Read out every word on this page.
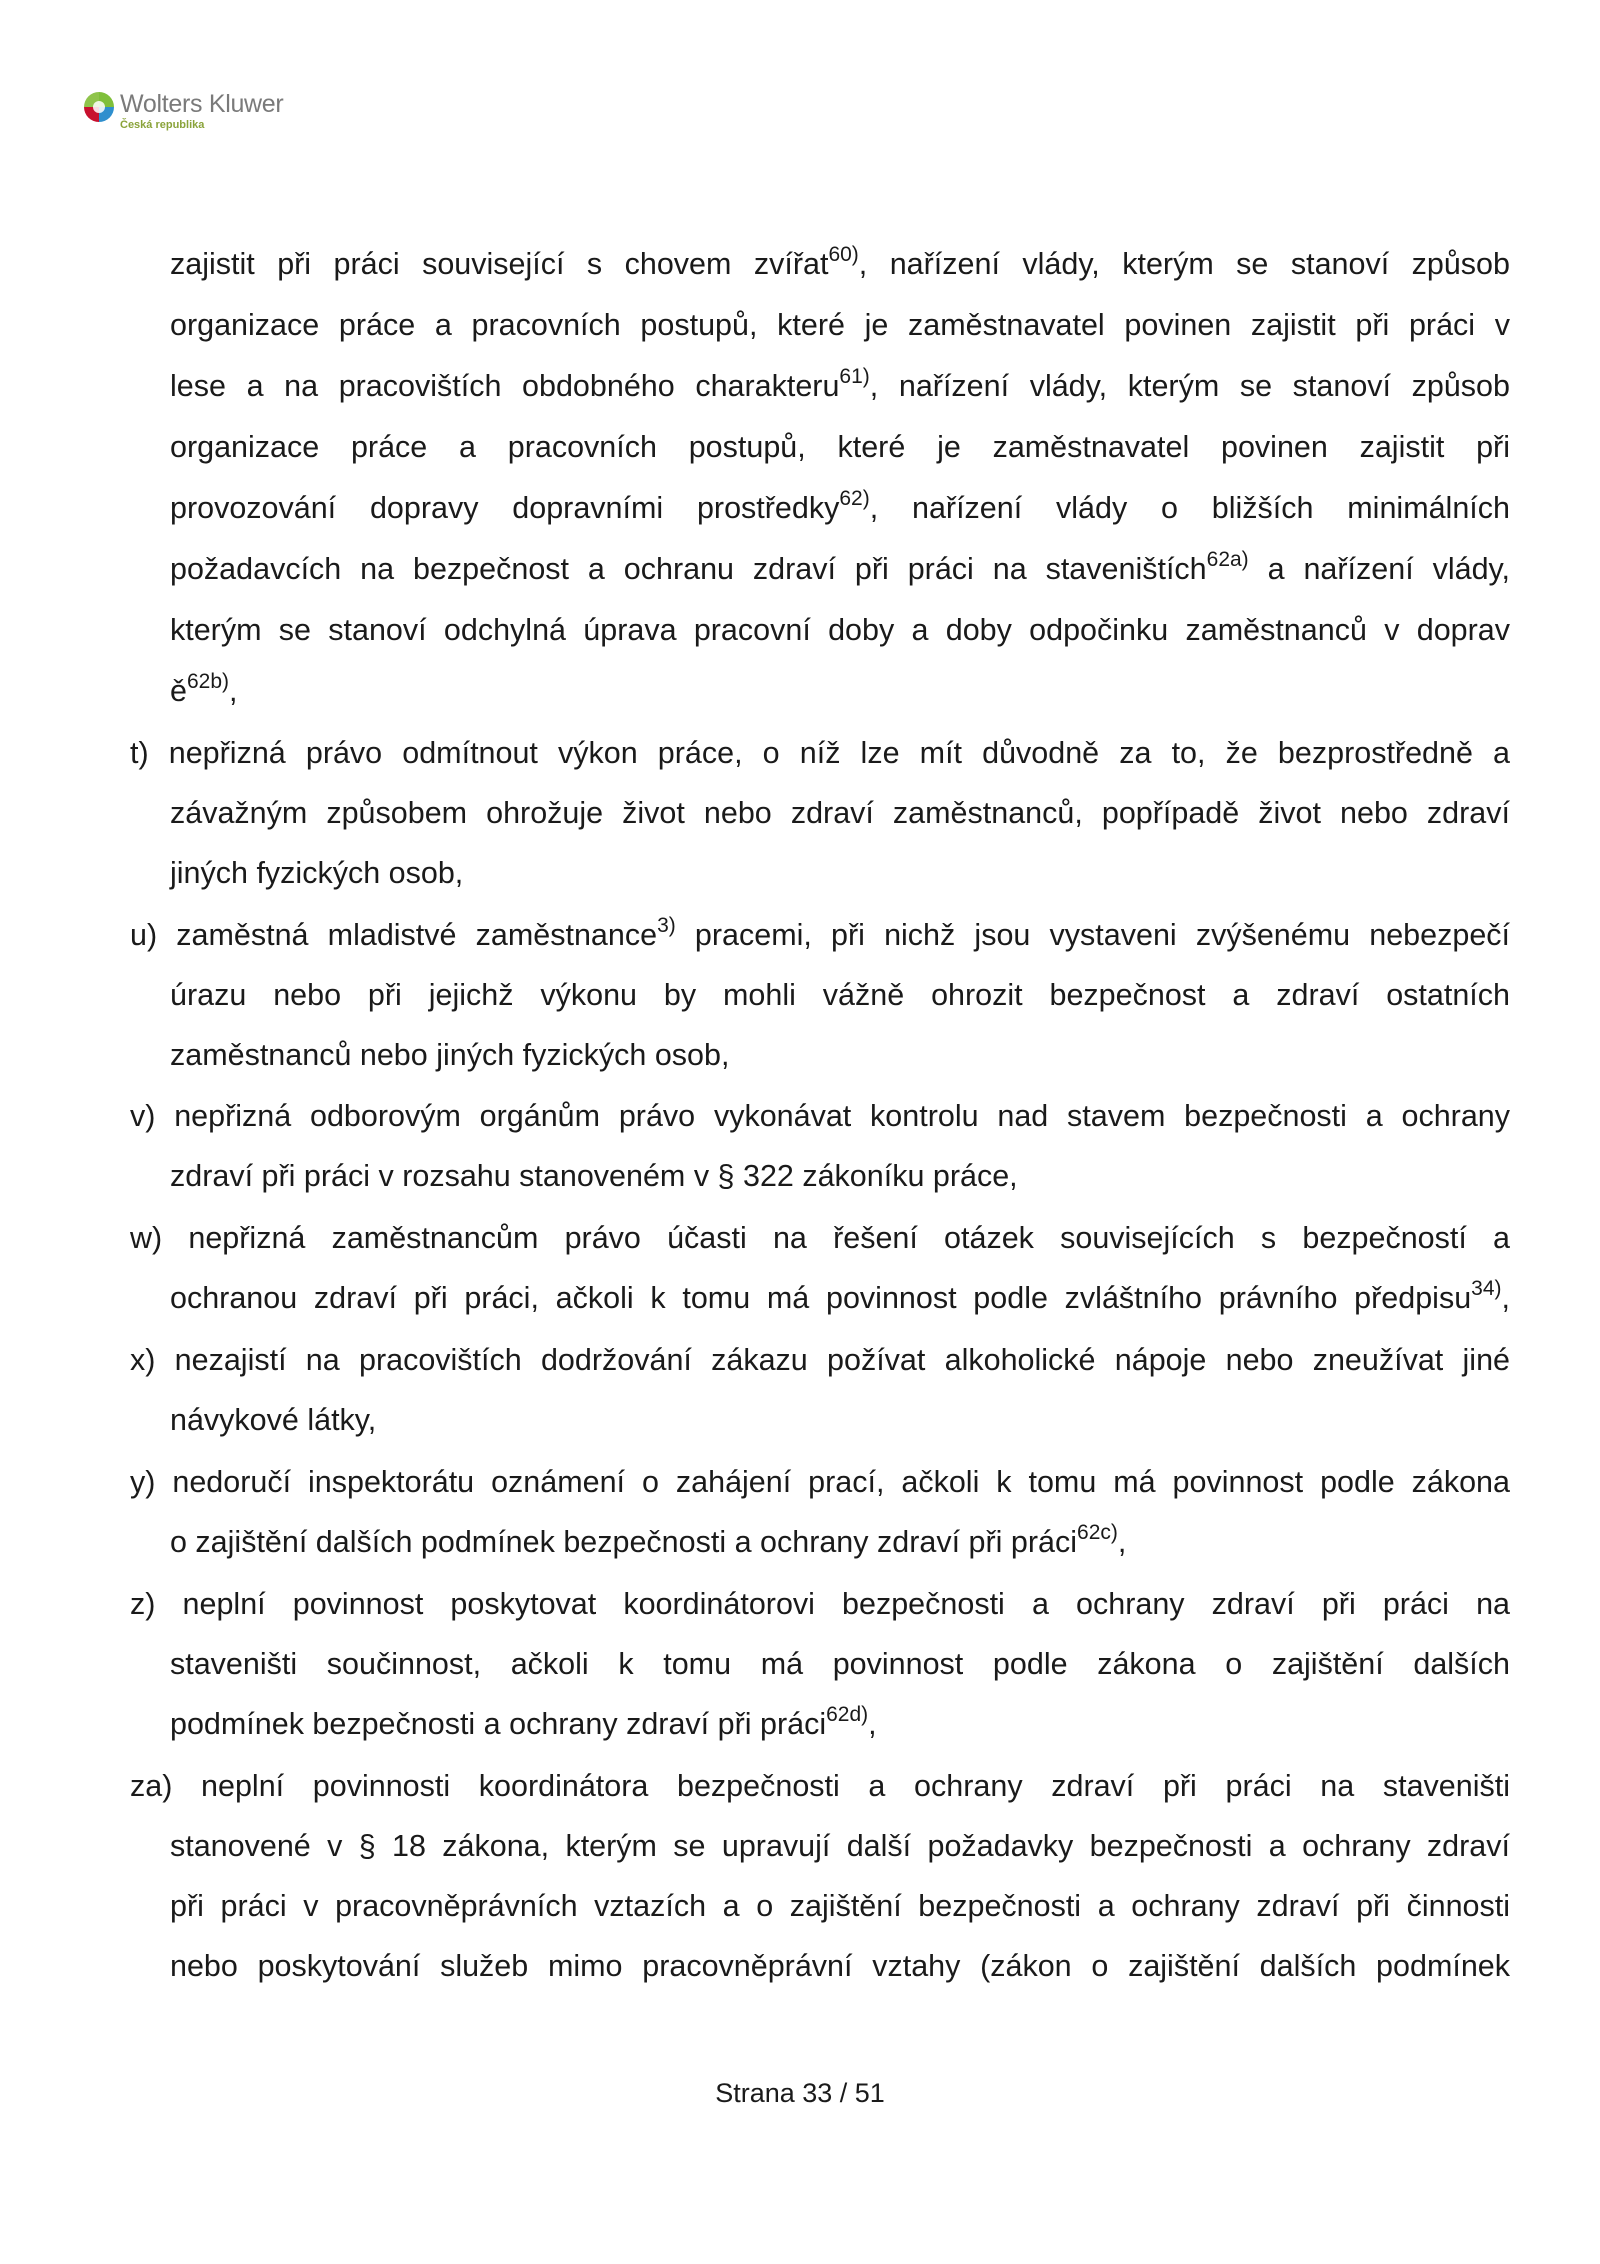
Wolters Kluwer
Česká republika
zajistit při práci související s chovem zvířat$^{60)}$, nařízení vlády, kterým se stanoví způsob
organizace práce a pracovních postupů, které je zaměstnavatel povinen zajistit při práci v
lese a na pracovištích obdobného charakteru$^{61)}$, nařízení vlády, kterým se stanoví způsob
organizace práce a pracovních postupů, které je zaměstnavatel povinen zajistit při
provozování dopravy dopravními prostředky$^{62)}$, nařízení vlády o bližších minimálních
požadavcích na bezpečnost a ochranu zdraví při práci na staveništích$^{62a)}$ a nařízení vlády,
kterým se stanoví odchylná úprava pracovní doby a doby odpočinku zaměstnanců v doprav
$ě^{62b)}$,
t) nepřizná právo odmítnout výkon práce, o níž lze mít důvodně za to, že bezprostředně a
závažným způsobem ohrožuje život nebo zdraví zaměstnanců, popřípadě život nebo zdraví
jiných fyzických osob,
u) zaměstná mladistvé zaměstnance$^{3)}$ pracemi, při nichž jsou vystaveni zvýšenému nebezpečí
úrazu nebo při jejichž výkonu by mohli vážně ohrozit bezpečnost a zdraví ostatních
zaměstnanců nebo jiných fyzických osob,
v) nepřizná odborovým orgánům právo vykonávat kontrolu nad stavem bezpečnosti a ochrany
zdraví při práci v rozsahu stanoveném v § 322 zákoníku práce,
w) nepřizná zaměstnancům právo účasti na řešení otázek souvisejících s bezpečností a
ochranou zdraví při práci, ačkoli k tomu má povinnost podle zvláštního právního předpisu$^{34)}$,
x) nezajistí na pracovištích dodržování zákazu požívat alkoholické nápoje nebo zneužívat jiné
návykové látky,
y) nedoručí inspektorátu oznámení o zahájení prací, ačkoli k tomu má povinnost podle zákona
o zajištění dalších podmínek bezpečnosti a ochrany zdraví při práci$^{62c)}$,
z) neplní povinnost poskytovat koordinátorovi bezpečnosti a ochrany zdraví při práci na
staveništi součinnost, ačkoli k tomu má povinnost podle zákona o zajištění dalších
podmínek bezpečnosti a ochrany zdraví při práci$^{62d)}$,
za) neplní povinnosti koordinátora bezpečnosti a ochrany zdraví při práci na staveništi
stanovené v § 18 zákona, kterým se upravují další požadavky bezpečnosti a ochrany zdraví
při práci v pracovněprávních vztazích a o zajištění bezpečnosti a ochrany zdraví při činnosti
nebo poskytování služeb mimo pracovněprávní vztahy (zákon o zajištění dalších podmínek
Strana 33 / 51
